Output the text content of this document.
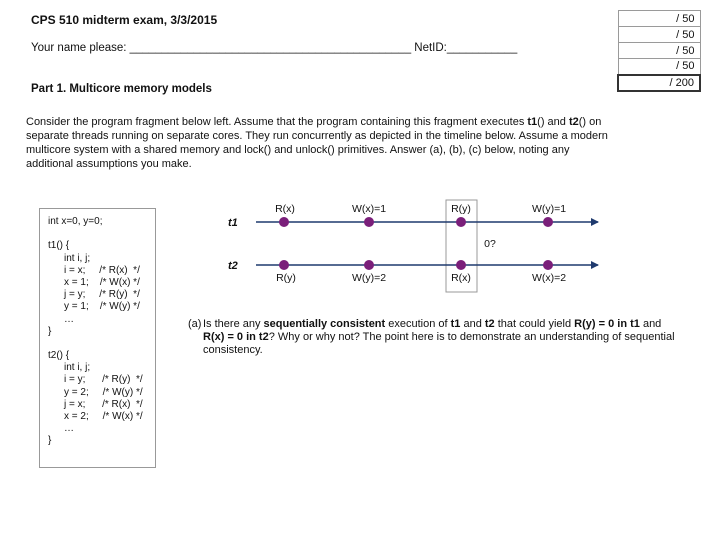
CPS 510 midterm exam, 3/3/2015
Your name please: ____________________________________________ NetID:___________
/ 50
/ 50
/ 50
/ 50
/ 200
Part 1. Multicore memory models
Consider the program fragment below left. Assume that the program containing this fragment executes t1() and t2() on separate threads running on separate cores. They run concurrently as depicted in the timeline below. Assume a modern multicore system with a shared memory and lock() and unlock() primitives. Answer (a), (b), (c) below, noting any additional assumptions you make.
int x=0, y=0;
t1() {
int i, j;
i = x;     /* R(x)  */
x = 1;    /* W(x) */
j = y;     /* R(y)  */
y = 1;    /* W(y) */
…
}
t2() {
int i, j;
i = y;      /* R(y)  */
y = 2;     /* W(y) */
j = x;      /* R(x)  */
x = 2;     /* W(x) */
…
}
t1
t2
R(x)	W(x)=1	R(y)	W(y)=1
R(y)	W(y)=2	R(x)	W(x)=2
0?
(a) Is there any sequentially consistent execution of t1 and t2 that could yield R(y) = 0 in t1 and R(x) = 0 in t2? Why or why not? The point here is to demonstrate an understanding of sequential consistency.
